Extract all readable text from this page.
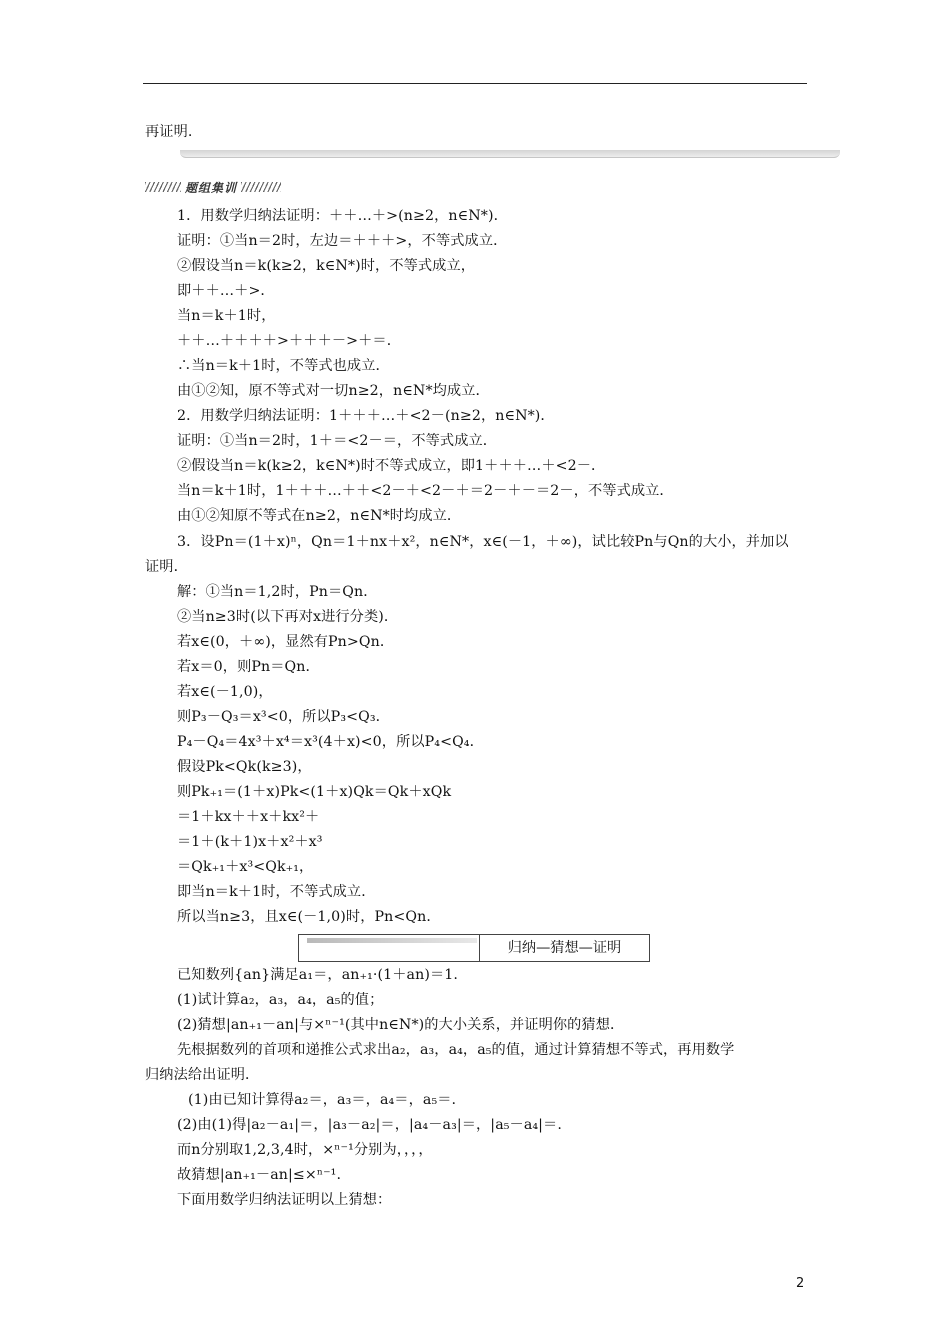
再证明.
题组集训
1．用数学归纳法证明：＋＋…＋>(n≥2，n∈N*)．
证明：①当n＝2时，左边＝＋＋＋>，不等式成立．
②假设当n＝k(k≥2，k∈N*)时，不等式成立，
即＋＋…＋>．
当n＝k＋1时，
＋＋…＋＋＋＋>＋＋＋－>＋＝．
∴当n＝k＋1时，不等式也成立．
由①②知，原不等式对一切n≥2，n∈N*均成立．
2．用数学归纳法证明：1＋＋＋…＋<2－(n≥2，n∈N*)．
证明：①当n＝2时，1＋＝<2－＝，不等式成立．
②假设当n＝k(k≥2，k∈N*)时不等式成立，即1＋＋＋…＋<2－．
当n＝k＋1时，1＋＋＋…＋＋<2－＋<2－＋＝2－＋－＝2－，不等式成立．
由①②知原不等式在n≥2，n∈N*时均成立．
3．设Pn＝(1＋x)ⁿ，Qn＝1＋nx＋x²，n∈N*，x∈(－1，＋∞)，试比较Pn与Qn的大小，并加以
证明．
解：①当n＝1,2时，Pn＝Qn．
②当n≥3时(以下再对x进行分类)．
若x∈(0，＋∞)，显然有Pn>Qn．
若x＝0，则Pn＝Qn．
若x∈(－1,0)，
则P₃－Q₃＝x³<0，所以P₃<Q₃．
P₄－Q₄＝4x³＋x⁴＝x³(4＋x)<0，所以P₄<Q₄．
假设Pk<Qk(k≥3)，
则Pk₊₁＝(1＋x)Pk<(1＋x)Qk＝Qk＋xQk
＝1＋kx＋＋x＋kx²＋
＝1＋(k＋1)x＋x²＋x³
＝Qk₊₁＋x³<Qk₊₁，
即当n＝k＋1时，不等式成立．
所以当n≥3，且x∈(－1,0)时，Pn<Qn．
归纳—猜想—证明
已知数列{an}满足a₁＝，an₊₁·(1＋an)＝1.
(1)试计算a₂，a₃，a₄，a₅的值；
(2)猜想|an₊₁－an|与×ⁿ⁻¹(其中n∈N*)的大小关系，并证明你的猜想．
先根据数列的首项和递推公式求出a₂，a₃，a₄，a₅的值，通过计算猜想不等式，再用数学
归纳法给出证明．
(1)由已知计算得a₂＝，a₃＝，a₄＝，a₅＝.
(2)由(1)得|a₂－a₁|＝，|a₃－a₂|＝，|a₄－a₃|＝，|a₅－a₄|＝.
而n分别取1,2,3,4时，×ⁿ⁻¹分别为，，，，
故猜想|an₊₁－an|≤×ⁿ⁻¹.
下面用数学归纳法证明以上猜想：
2
